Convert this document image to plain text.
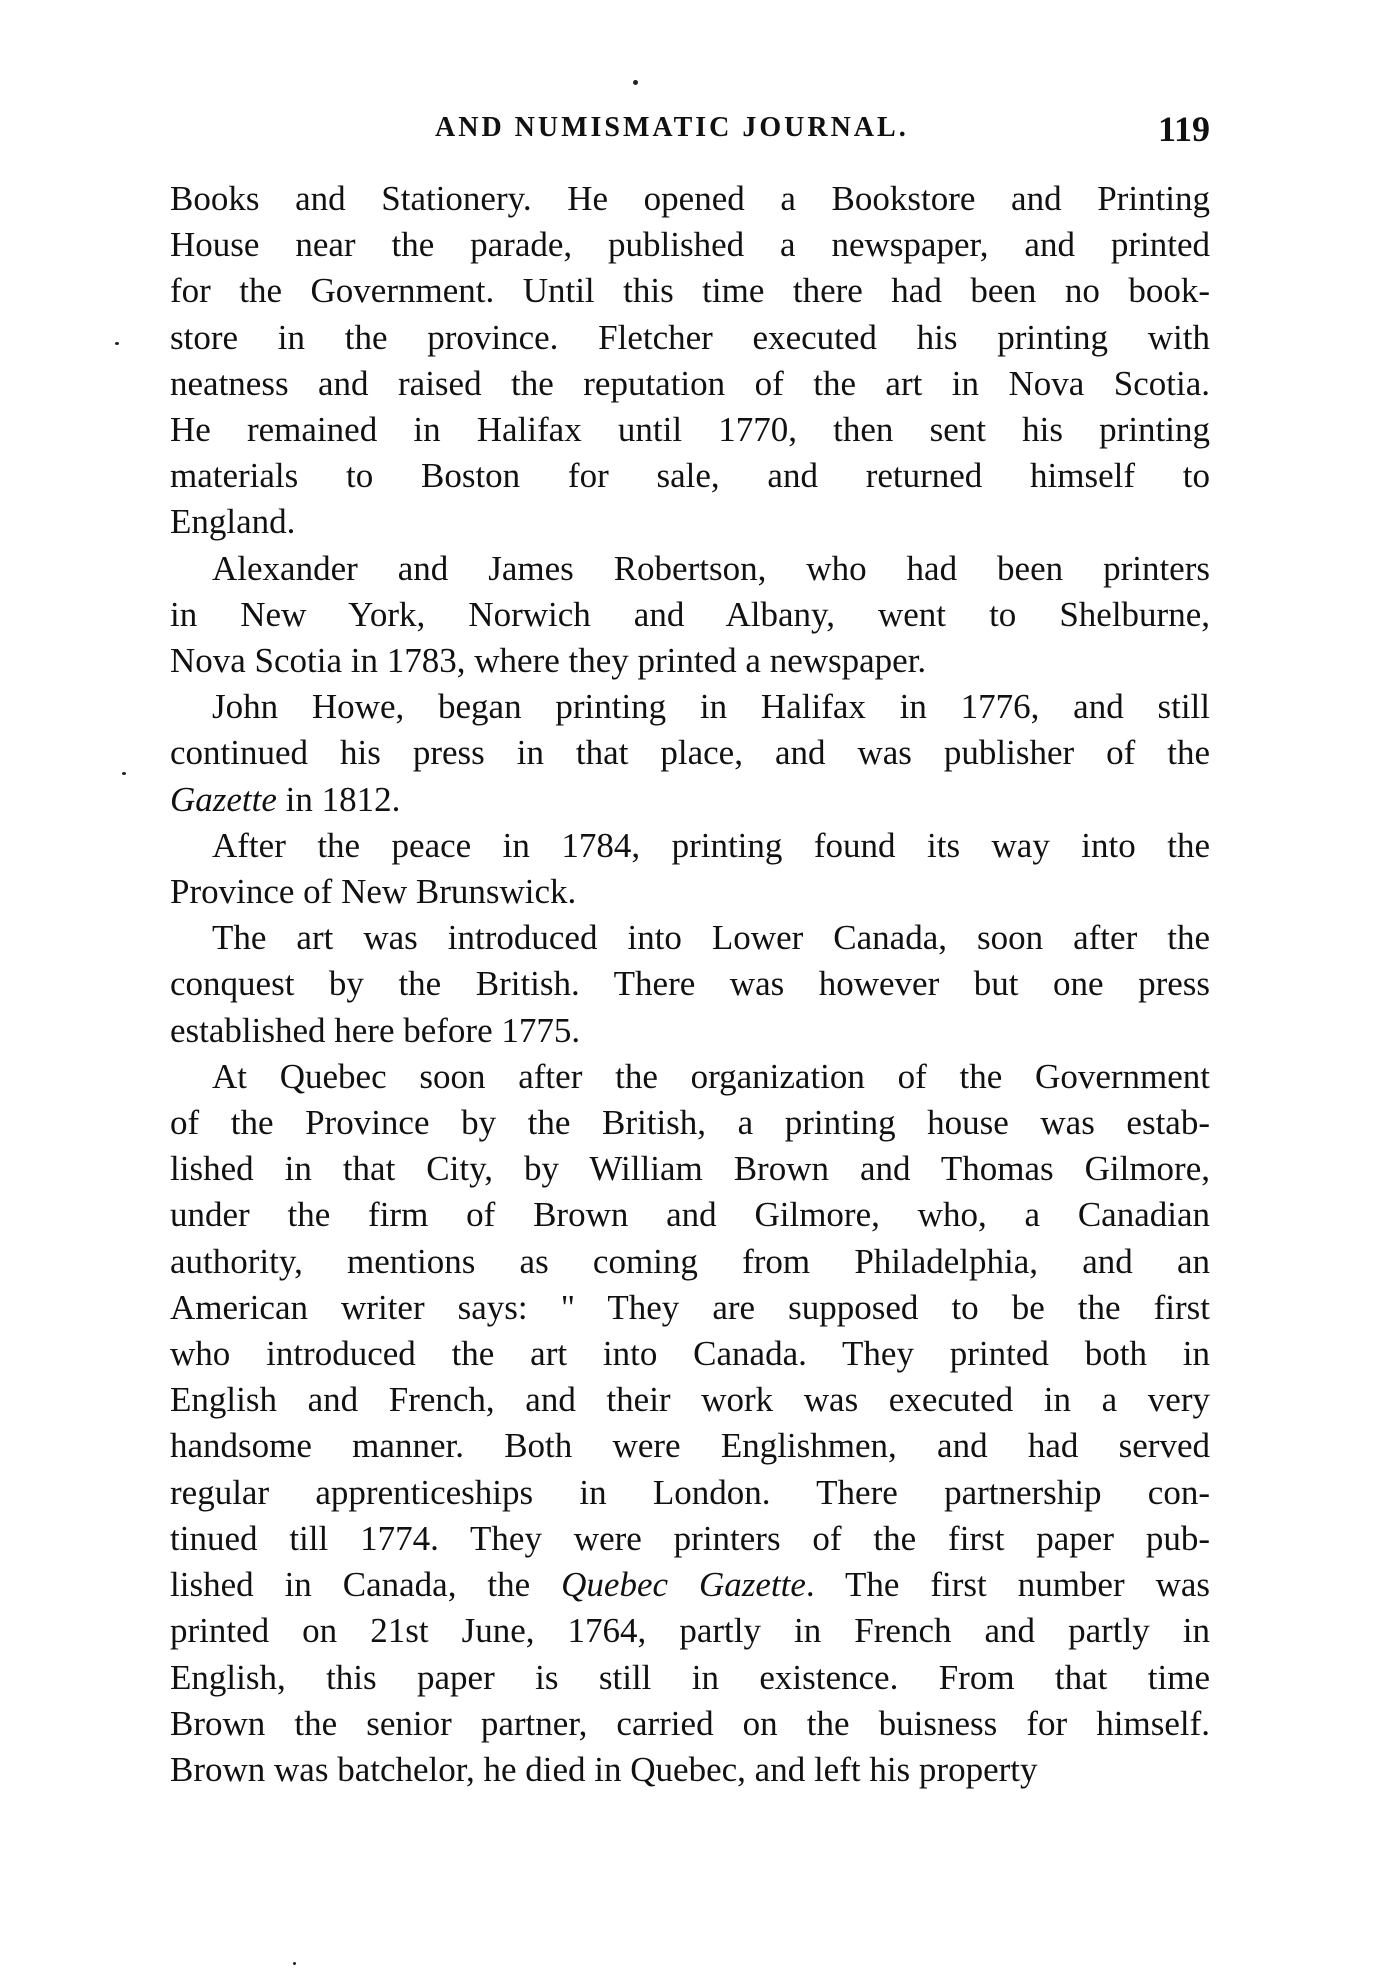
AND NUMISMATIC JOURNAL.	119
Books and Stationery. He opened a Bookstore and Printing
House near the parade, published a newspaper, and printed
for the Government. Until this time there had been no book-
store in the province. Fletcher executed his printing with
neatness and raised the reputation of the art in Nova Scotia.
He remained in Halifax until 1770, then sent his printing
materials to Boston for sale, and returned himself to
England.
Alexander and James Robertson, who had been printers
in New York, Norwich and Albany, went to Shelburne,
Nova Scotia in 1783, where they printed a newspaper.
John Howe, began printing in Halifax in 1776, and still
continued his press in that place, and was publisher of the
Gazette in 1812.
After the peace in 1784, printing found its way into the
Province of New Brunswick.
The art was introduced into Lower Canada, soon after the
conquest by the British. There was however but one press
established here before 1775.
At Quebec soon after the organization of the Government
of the Province by the British, a printing house was estab-
lished in that City, by William Brown and Thomas Gilmore,
under the firm of Brown and Gilmore, who, a Canadian
authority, mentions as coming from Philadelphia, and an
American writer says: " They are supposed to be the first
who introduced the art into Canada. They printed both in
English and French, and their work was executed in a very
handsome manner. Both were Englishmen, and had served
regular apprenticeships in London. There partnership con-
tinued till 1774. They were printers of the first paper pub-
lished in Canada, the Quebec Gazette. The first number was
printed on 21st June, 1764, partly in French and partly in
English, this paper is still in existence. From that time
Brown the senior partner, carried on the buisness for himself.
Brown was batchelor, he died in Quebec, and left his property
